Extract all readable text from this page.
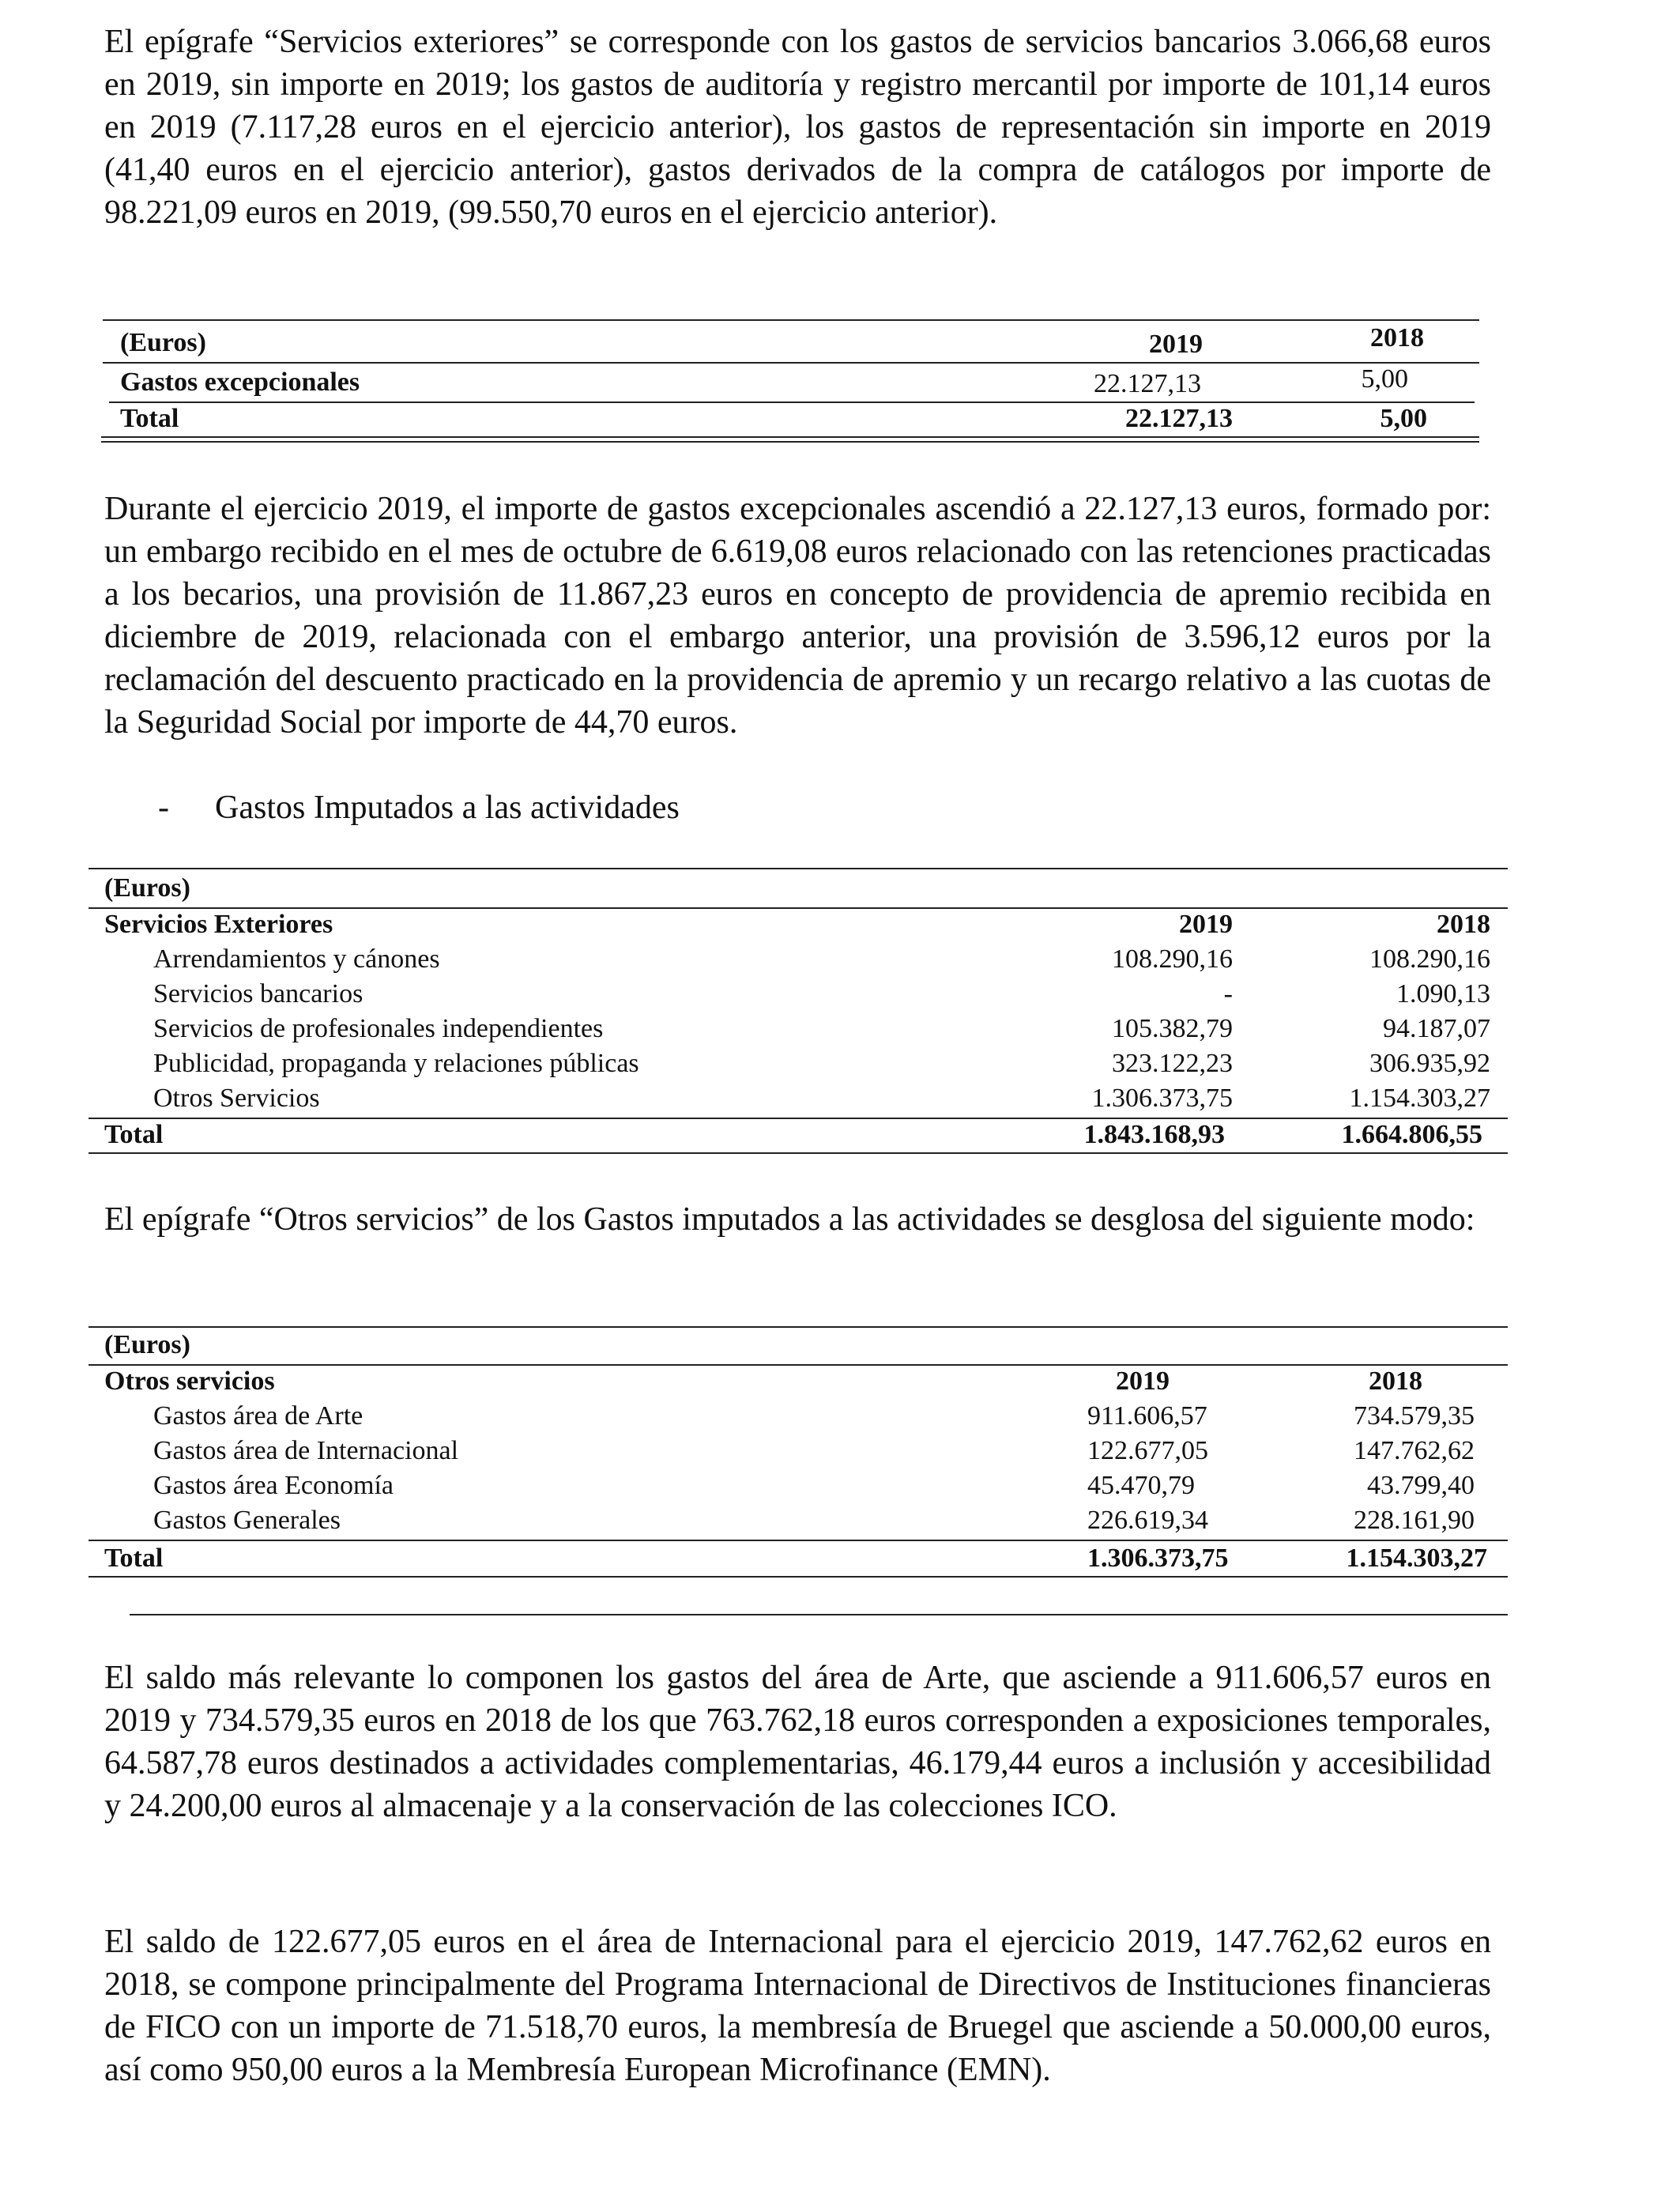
El epígrafe “Servicios exteriores” se corresponde con los gastos de servicios bancarios 3.066,68 euros en 2019, sin importe en 2019; los gastos de auditoría y registro mercantil por importe de 101,14 euros en 2019 (7.117,28 euros en el ejercicio anterior), los gastos de representación sin importe en 2019 (41,40 euros en el ejercicio anterior), gastos derivados de la compra de catálogos por importe de 98.221,09 euros en 2019, (99.550,70 euros en el ejercicio anterior).

(Euros)	2019	2018
Gastos excepcionales	22.127,13	5,00
Total	22.127,13	5,00

Durante el ejercicio 2019, el importe de gastos excepcionales ascendió a 22.127,13 euros, formado por: un embargo recibido en el mes de octubre de 6.619,08 euros relacionado con las retenciones practicadas a los becarios, una provisión de 11.867,23 euros en concepto de providencia de apremio recibida en diciembre de 2019, relacionada con el embargo anterior, una provisión de 3.596,12 euros por la reclamación del descuento practicado en la providencia de apremio y un recargo relativo a las cuotas de la Seguridad Social por importe de 44,70 euros.

- Gastos Imputados a las actividades
(Euros)
Servicios Exteriores	2019	2018
Arrendamientos y cánones	108.290,16	108.290,16
Servicios bancarios	-	1.090,13
Servicios de profesionales independientes	105.382,79	94.187,07
Publicidad, propaganda y relaciones públicas	323.122,23	306.935,92
Otros Servicios	1.306.373,75	1.154.303,27
Total	1.843.168,93	1.664.806,55

El epígrafe “Otros servicios” de los Gastos imputados a las actividades se desglosa del siguiente modo:

(Euros)
Otros servicios	2019	2018
Gastos área de Arte	911.606,57	734.579,35
Gastos área de Internacional	122.677,05	147.762,62
Gastos área Economía	45.470,79	43.799,40
Gastos Generales	226.619,34	228.161,90
Total	1.306.373,75	1.154.303,27

El saldo más relevante lo componen los gastos del área de Arte, que asciende a 911.606,57 euros en 2019 y 734.579,35 euros en 2018 de los que 763.762,18 euros corresponden a exposiciones temporales, 64.587,78 euros destinados a actividades complementarias, 46.179,44 euros a inclusión y accesibilidad y 24.200,00 euros al almacenaje y a la conservación de las colecciones ICO.

El saldo de 122.677,05 euros en el área de Internacional para el ejercicio 2019, 147.762,62 euros en 2018, se compone principalmente del Programa Internacional de Directivos de Instituciones financieras de FICO con un importe de 71.518,70 euros, la membresía de Bruegel que asciende a 50.000,00 euros, así como 950,00 euros a la Membresía European Microfinance (EMN).
